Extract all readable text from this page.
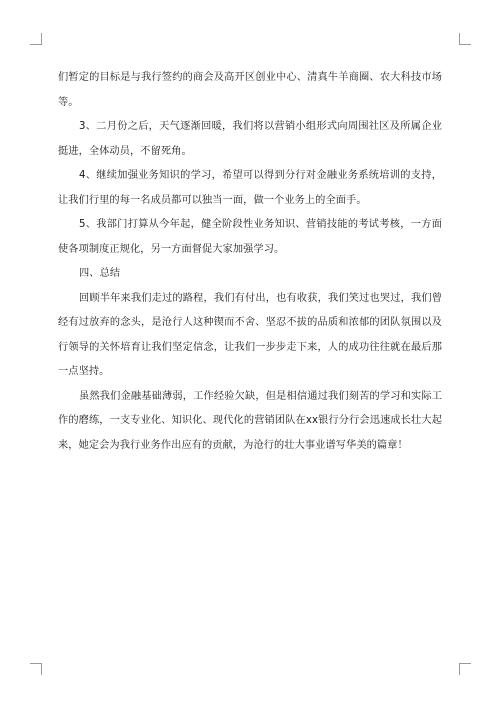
们暂定的目标是与我行签约的商会及高开区创业中心、清真牛羊商圈、农大科技市场等。

3、二月份之后，天气逐渐回暖，我们将以营销小组形式向周围社区及所属企业挺进，全体动员，不留死角。

4、继续加强业务知识的学习，希望可以得到分行对金融业务系统培训的支持，让我们行里的每一名成员都可以独当一面，做一个业务上的全面手。

5、我部门打算从今年起，健全阶段性业务知识、营销技能的考试考核，一方面使各项制度正规化，另一方面督促大家加强学习。

四、总结

回顾半年来我们走过的路程，我们有付出，也有收获，我们笑过也哭过，我们曾经有过放弃的念头，是沧行人这种锲而不舍、坚忍不拔的品质和浓郁的团队氛围以及行领导的关怀培育让我们坚定信念，让我们一步步走下来，人的成功往往就在最后那一点坚持。

虽然我们金融基础薄弱，工作经验欠缺，但是相信通过我们刻苦的学习和实际工作的磨练，一支专业化、知识化、现代化的营销团队在xx银行分行会迅速成长壮大起来，她定会为我行业务作出应有的贡献，为沧行的壮大事业谱写华美的篇章！
